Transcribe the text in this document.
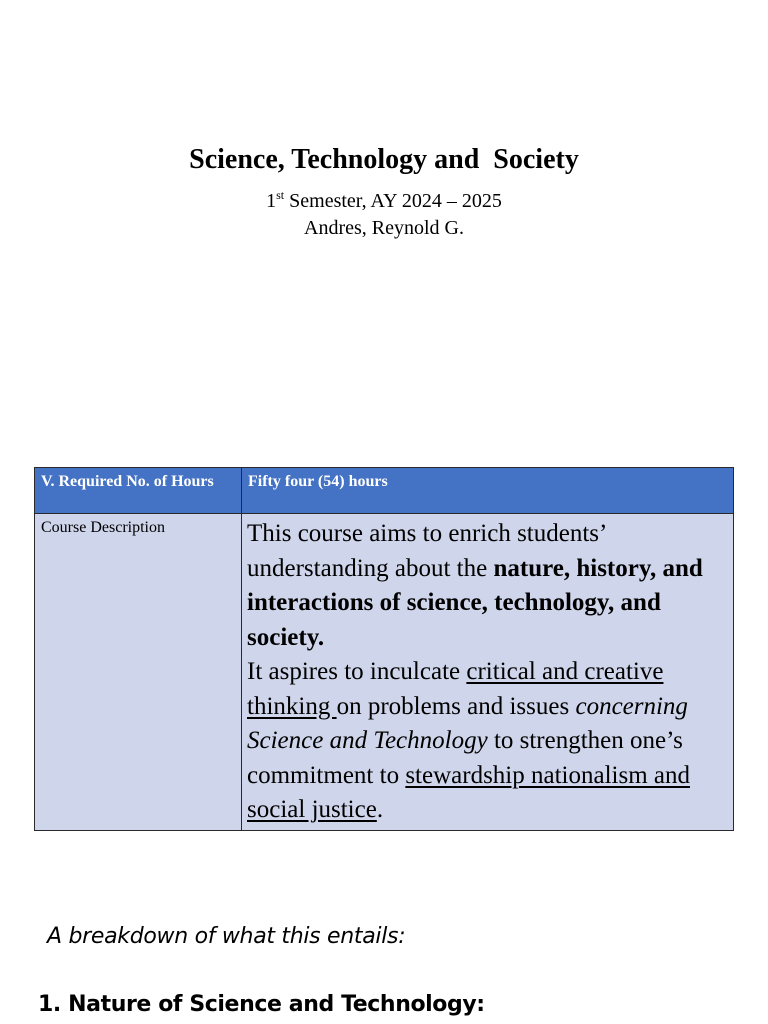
Science, Technology and  Society
1st Semester, AY 2024 – 2025
Andres, Reynold G.
V. Required No. of Hours	Fifty four (54) hours
Course Description	This course aims to enrich students’ understanding about the nature, history, and interactions of science, technology, and society.
It aspires to inculcate critical and creative thinking on problems and issues concerning Science and Technology to strengthen one’s commitment to stewardship nationalism and social justice.
A breakdown of what this entails:
1. Nature of Science and Technology:
